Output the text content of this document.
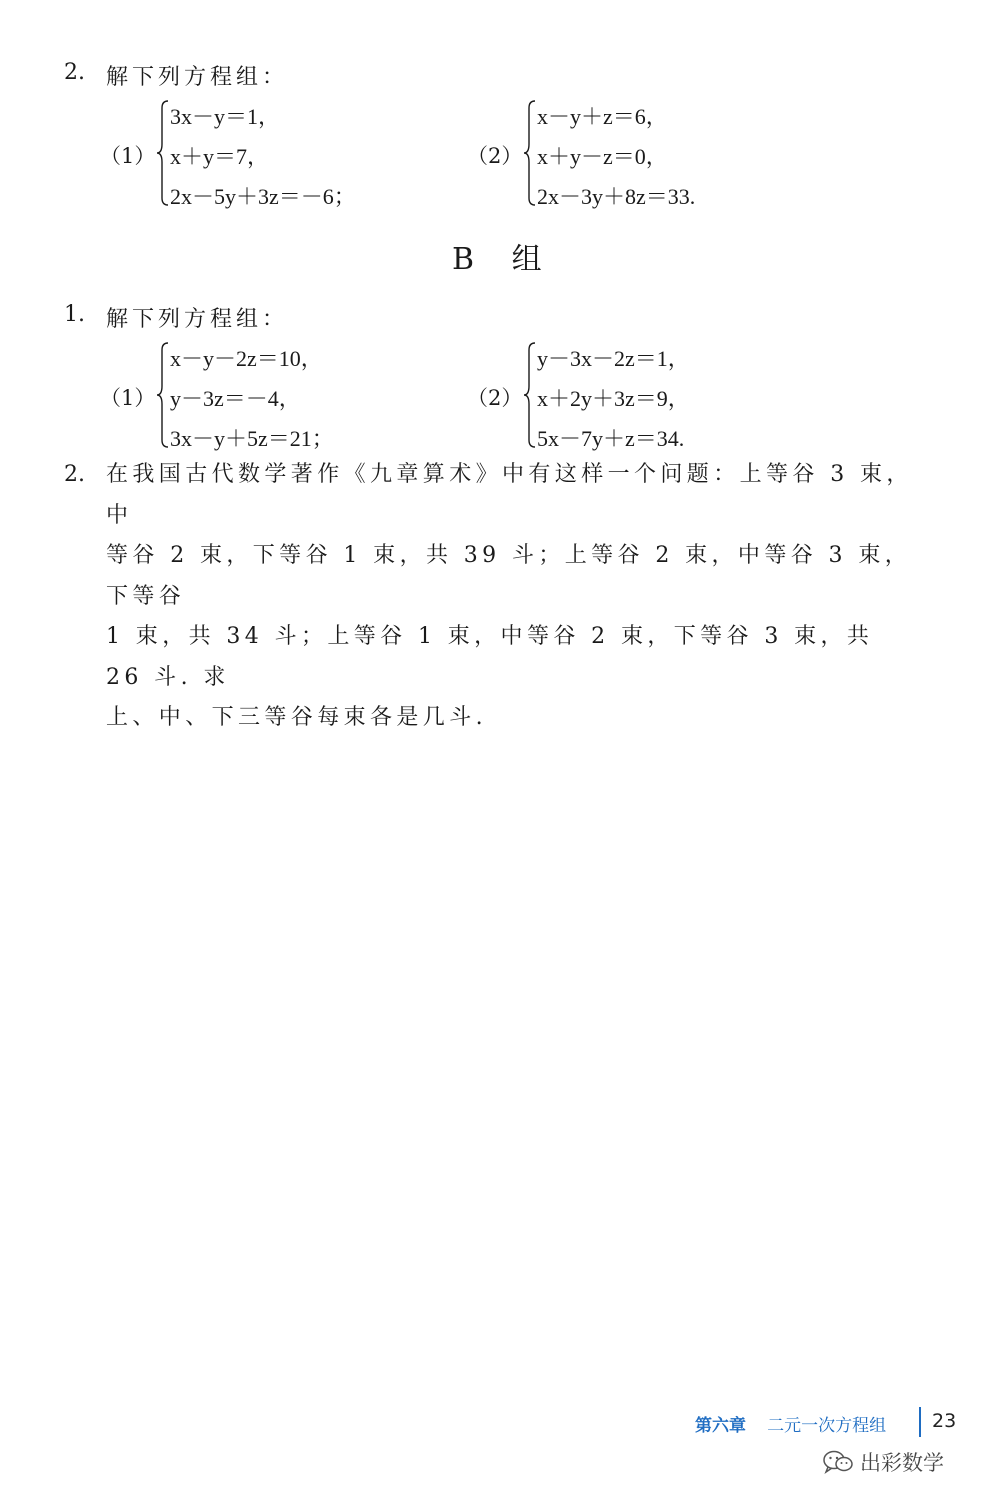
2. 解下列方程组：
（1）
3x－y＝1，
x＋y＝7，
2x－5y＋3z＝－6；
（2）
x－y＋z＝6，
x＋y－z＝0，
2x－3y＋8z＝33.
B 组
1. 解下列方程组：
（1）
x－y－2z＝10，
y－3z＝－4，
3x－y＋5z＝21；
（2）
y－3x－2z＝1，
x＋2y＋3z＝9，
5x－7y＋z＝34.
2. 在我国古代数学著作《九章算术》中有这样一个问题：上等谷 3 束，中
等谷 2 束，下等谷 1 束，共 39 斗；上等谷 2 束，中等谷 3 束，下等谷
1 束，共 34 斗；上等谷 1 束，中等谷 2 束，下等谷 3 束，共 26 斗. 求
上、中、下三等谷每束各是几斗.
第六章 二元一次方程组 23
出彩数学
